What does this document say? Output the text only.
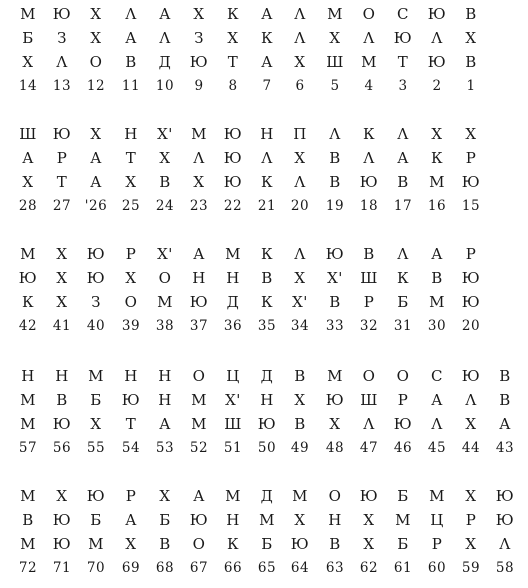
М	Ю	Х	Λ	А	Х	К	А	Λ	М	О	С	Ю	В
Б	З	Х	А	Λ	З	Х	К	Λ	Х	Λ	Ю	Λ	Х
Х	Λ	О	В	Д	Ю	Т	А	Х	Ш	М	Т	Ю	В
14	13	12	11	10	9	8	7	6	5	4	3	2	1
Ш	Ю	Х	Н	Х'	М	Ю	Н	П	Λ	К	Λ	Х	Х
А	Ρ	А	Т	Х	Λ	Ю	Λ	Х	В	Λ	А	К	Ρ
Х	Т	А	Х	В	Х	Ю	К	Λ	В	Ю	В	М	Ю
28	27	'26	25	24	23	22	21	20	19	18	17	16	15
М	Х	Ю	Ρ	Х'	А	М	К	Λ	Ю	В	Λ	А	Ρ
Ю	Х	Ю	Х	О	Н	Н	В	Х	Х'	Ш	К	В	Ю
К	Х	З	О	М	Ю	Д	К	Х'	В	Ρ	Б	М	Ю
42	41	40	39	38	37	36	35	34	33	32	31	30	20
Н	Н	М	Н	Н	О	Ц	Д	В	М	О	О	С	Ю	В
М	В	Б	Ю	Н	М	Х'	Н	Х	Ю	Ш	Ρ	А	Λ	В
М	Ю	Х	Т	А	М	Ш	Ю	В	Х	Λ	Ю	Λ	Х	А
57	56	55	54	53	52	51	50	49	48	47	46	45	44	43
М	Х	Ю	Ρ	Х	А	М	Д	М	О	Ю	Б	М	Х	Ю
В	Ю	Б	А	Б	Ю	Н	М	Х	Н	Х	М	Ц	Ρ	Ю
М	Ю	М	Х	В	О	К	Б	Ю	В	Х	Б	Ρ	Х	Λ
72	71	70	69	68	67	66	65	64	63	62	61	60	59	58
